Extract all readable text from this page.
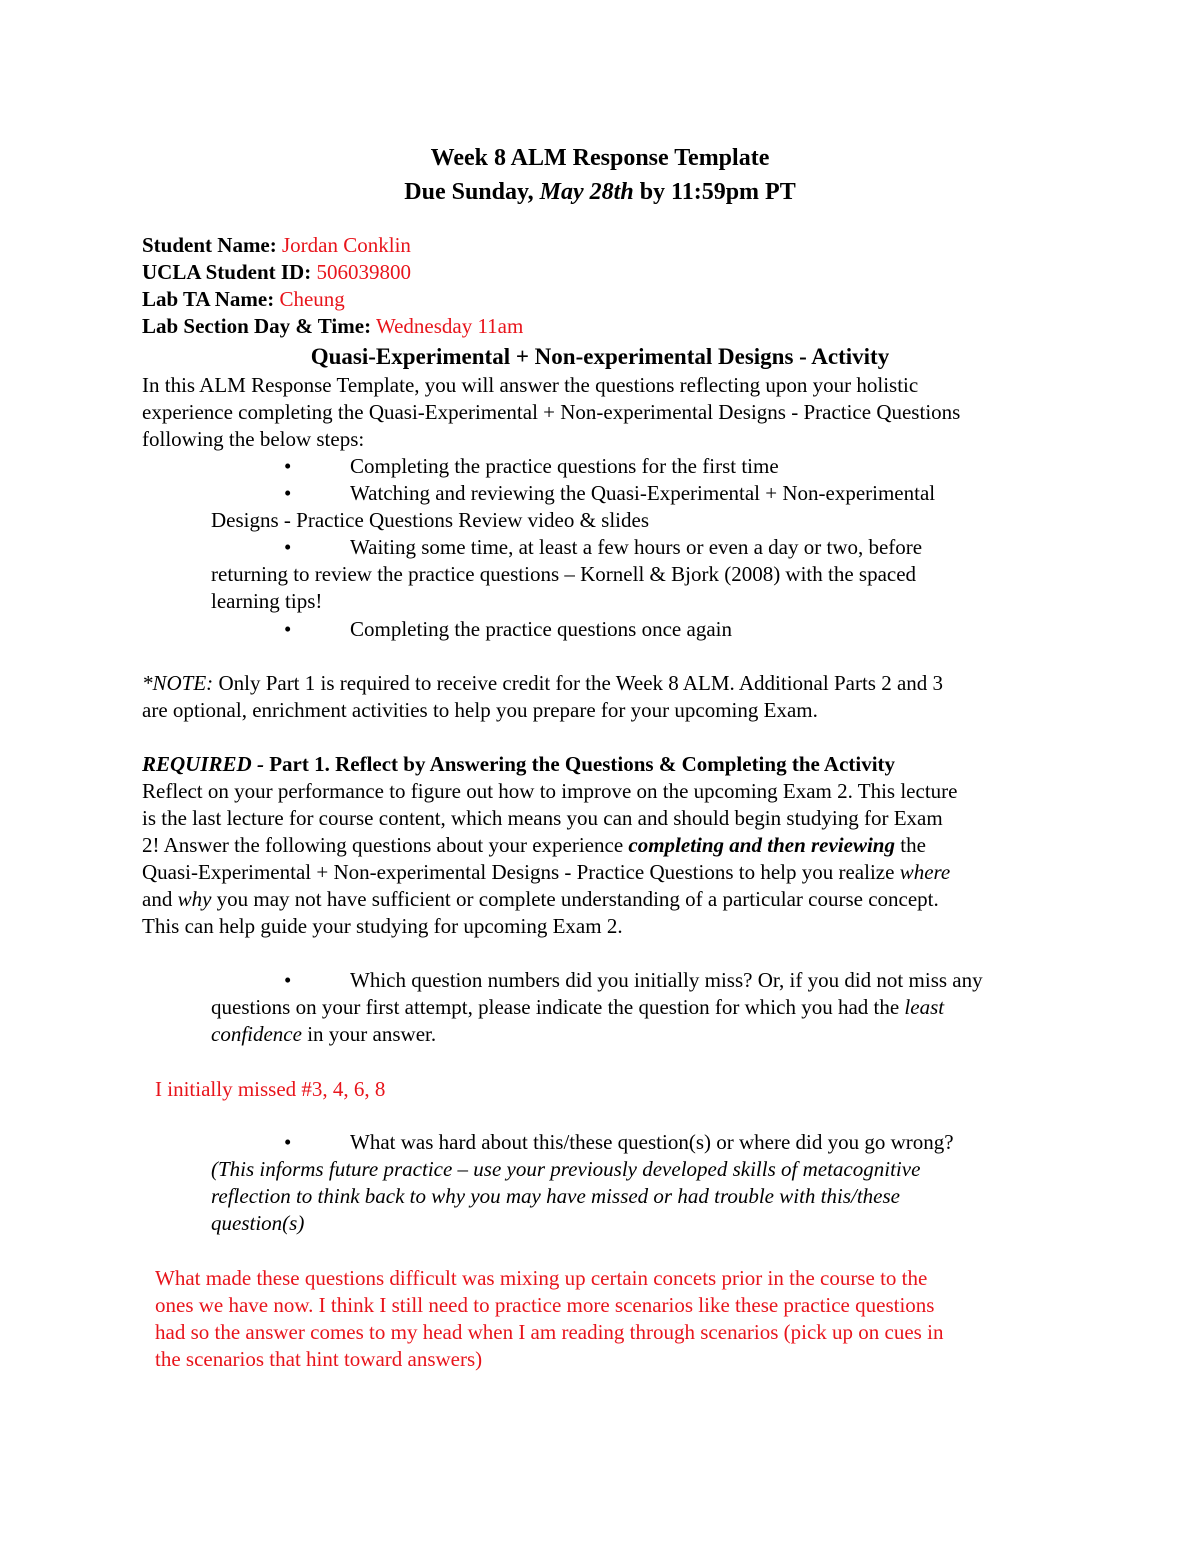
Week 8 ALM Response Template
Due Sunday, May 28th by 11:59pm PT
Student Name: Jordan Conklin
UCLA Student ID: 506039800
Lab TA Name: Cheung
Lab Section Day & Time: Wednesday 11am
Quasi-Experimental + Non-experimental Designs - Activity
In this ALM Response Template, you will answer the questions reflecting upon your holistic
experience completing the Quasi-Experimental + Non-experimental Designs - Practice Questions
following the below steps:
•	Completing the practice questions for the first time
•	Watching and reviewing the Quasi-Experimental + Non-experimental
Designs - Practice Questions Review video & slides
•	Waiting some time, at least a few hours or even a day or two, before
returning to review the practice questions – Kornell & Bjork (2008) with the spaced
learning tips!
•	Completing the practice questions once again
*NOTE: Only Part 1 is required to receive credit for the Week 8 ALM. Additional Parts 2 and 3
are optional, enrichment activities to help you prepare for your upcoming Exam.
REQUIRED - Part 1. Reflect by Answering the Questions & Completing the Activity
Reflect on your performance to figure out how to improve on the upcoming Exam 2. This lecture
is the last lecture for course content, which means you can and should begin studying for Exam
2! Answer the following questions about your experience completing and then reviewing the
Quasi-Experimental + Non-experimental Designs - Practice Questions to help you realize where
and why you may not have sufficient or complete understanding of a particular course concept.
This can help guide your studying for upcoming Exam 2.
•	Which question numbers did you initially miss? Or, if you did not miss any
questions on your first attempt, please indicate the question for which you had the least
confidence in your answer.
I initially missed #3, 4, 6, 8
•	What was hard about this/these question(s) or where did you go wrong?
(This informs future practice – use your previously developed skills of metacognitive
reflection to think back to why you may have missed or had trouble with this/these
question(s)
What made these questions difficult was mixing up certain concets prior in the course to the
ones we have now. I think I still need to practice more scenarios like these practice questions
had so the answer comes to my head when I am reading through scenarios (pick up on cues in
the scenarios that hint toward answers)
